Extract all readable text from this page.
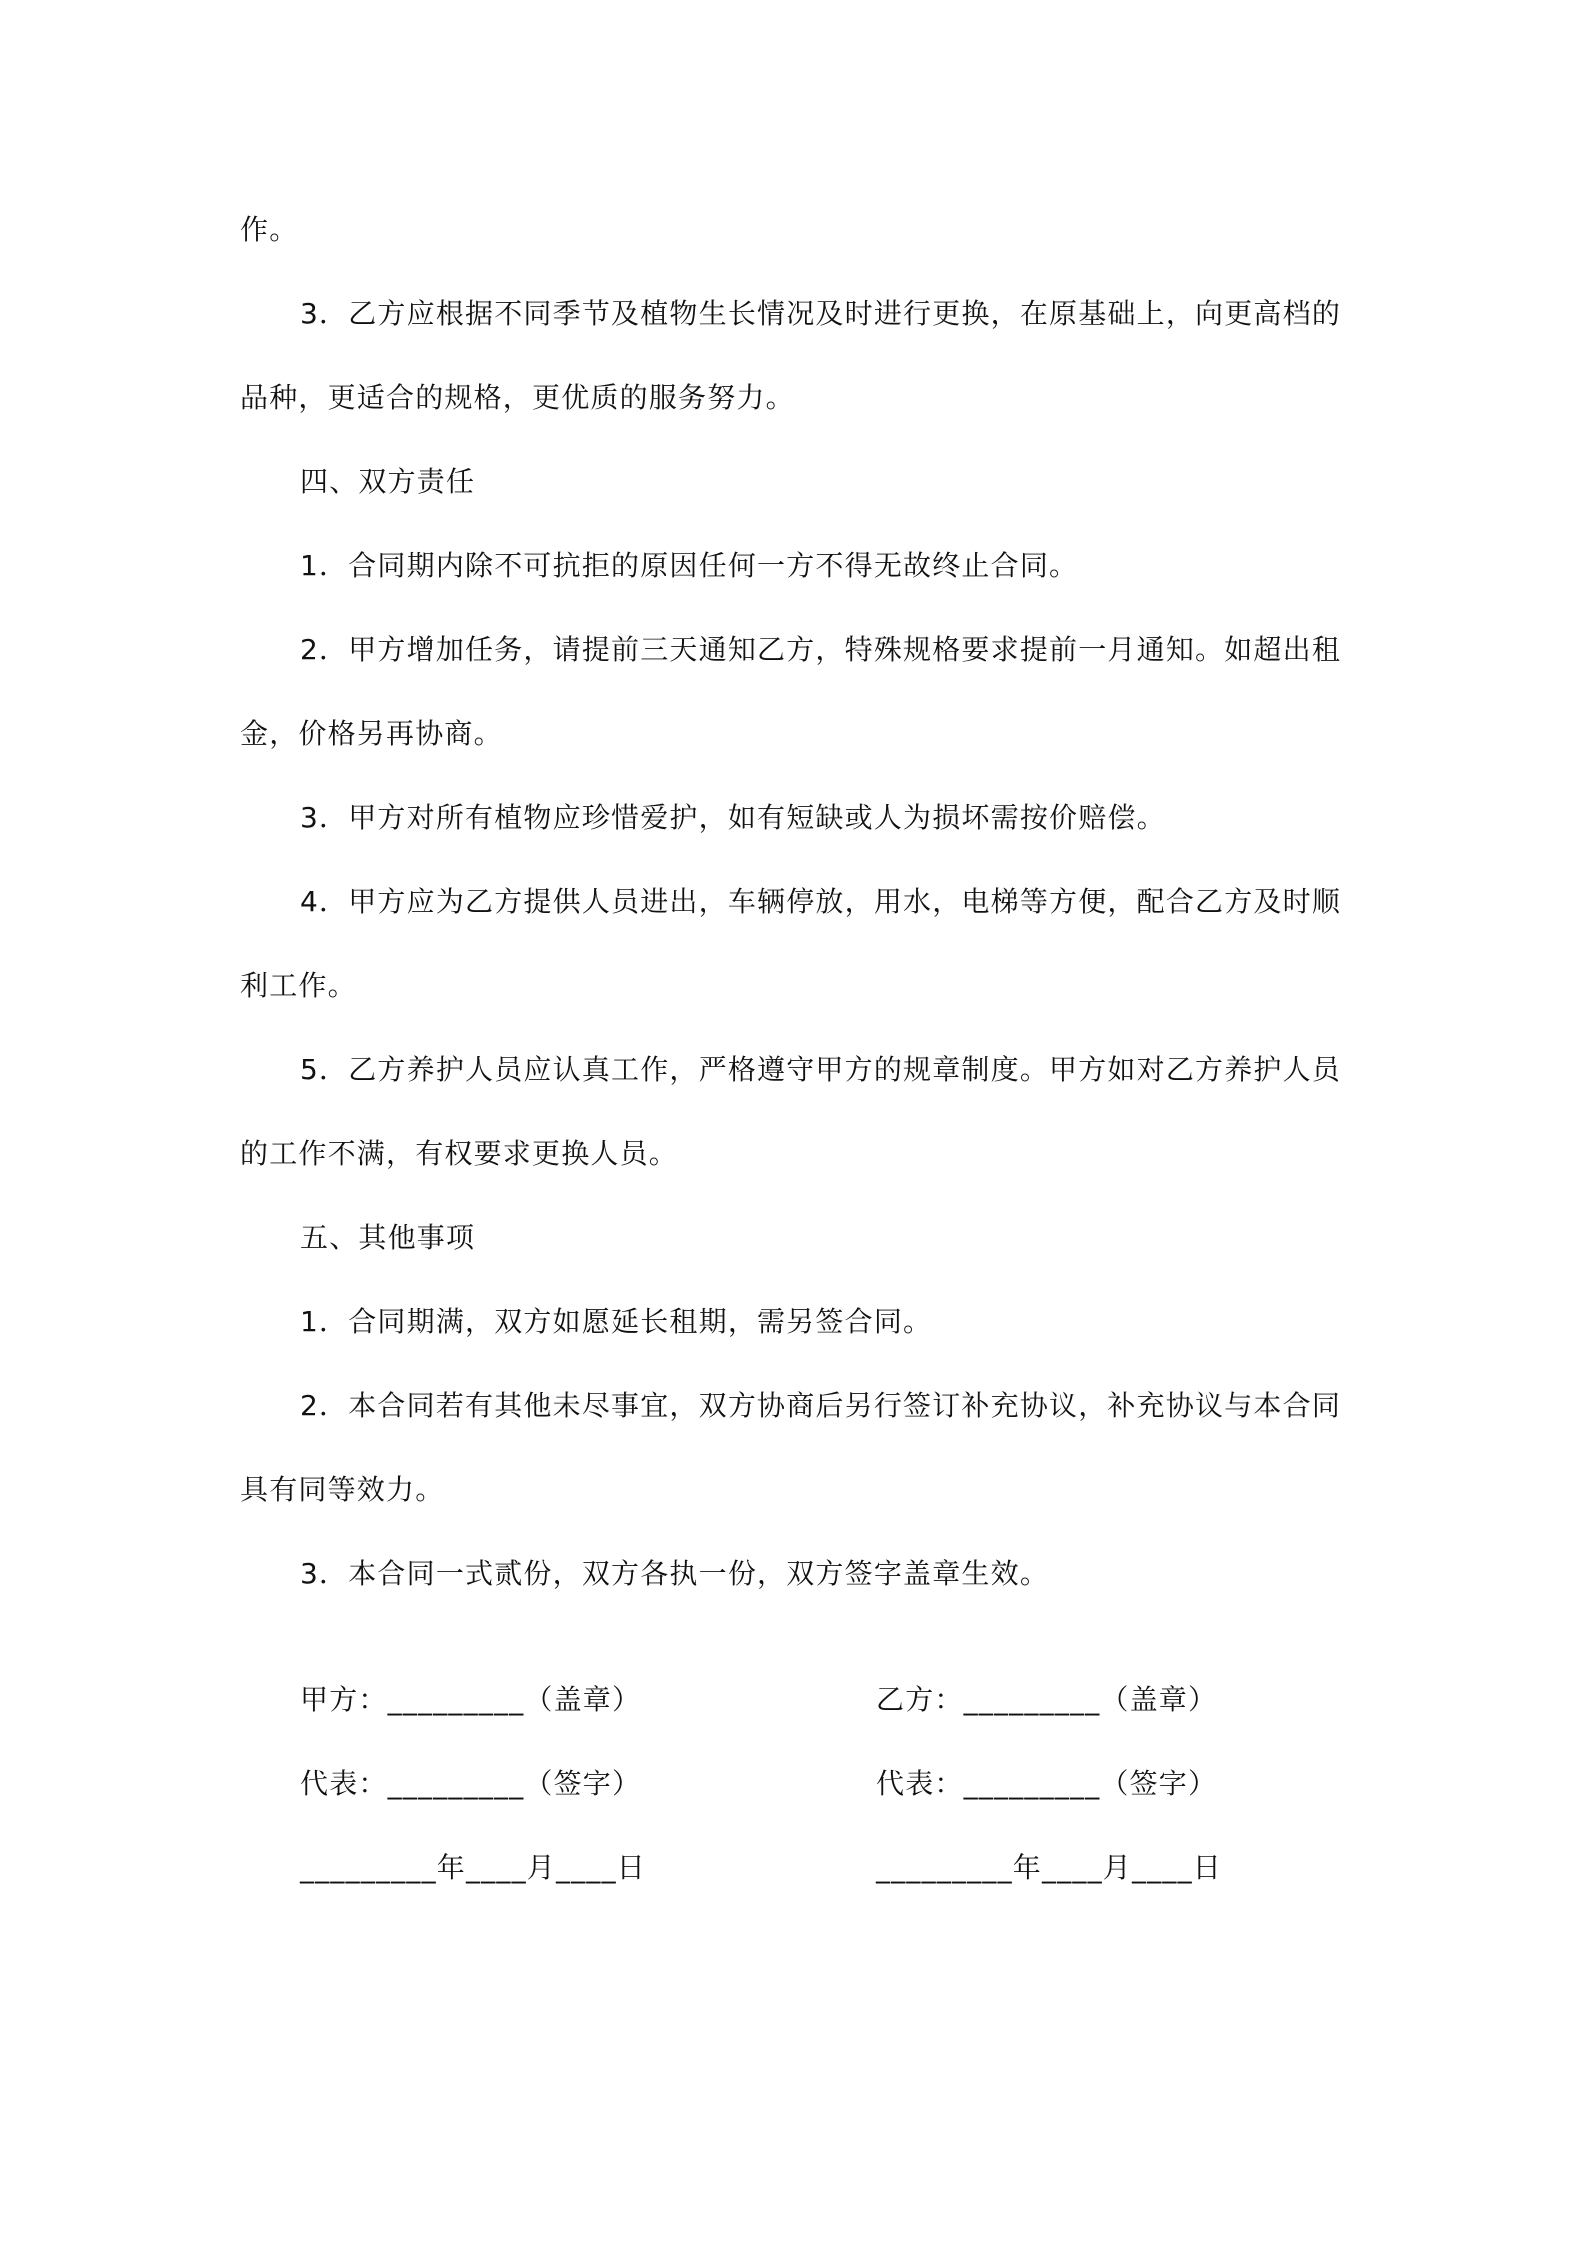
作。
3．乙方应根据不同季节及植物生长情况及时进行更换，在原基础上，向更高档的品种，更适合的规格，更优质的服务努力。
四、双方责任
1．合同期内除不可抗拒的原因任何一方不得无故终止合同。
2．甲方增加任务，请提前三天通知乙方，特殊规格要求提前一月通知。如超出租金，价格另再协商。
3．甲方对所有植物应珍惜爱护，如有短缺或人为损坏需按价赔偿。
4．甲方应为乙方提供人员进出，车辆停放，用水，电梯等方便，配合乙方及时顺利工作。
5．乙方养护人员应认真工作，严格遵守甲方的规章制度。甲方如对乙方养护人员的工作不满，有权要求更换人员。
五、其他事项
1．合同期满，双方如愿延长租期，需另签合同。
2．本合同若有其他未尽事宜，双方协商后另行签订补充协议，补充协议与本合同具有同等效力。
3．本合同一式贰份，双方各执一份，双方签字盖章生效。
甲方：_________（盖章）	乙方：_________（盖章）
代表：_________（签字）	代表：_________（签字）
_________年____月____日	_________年____月____日
